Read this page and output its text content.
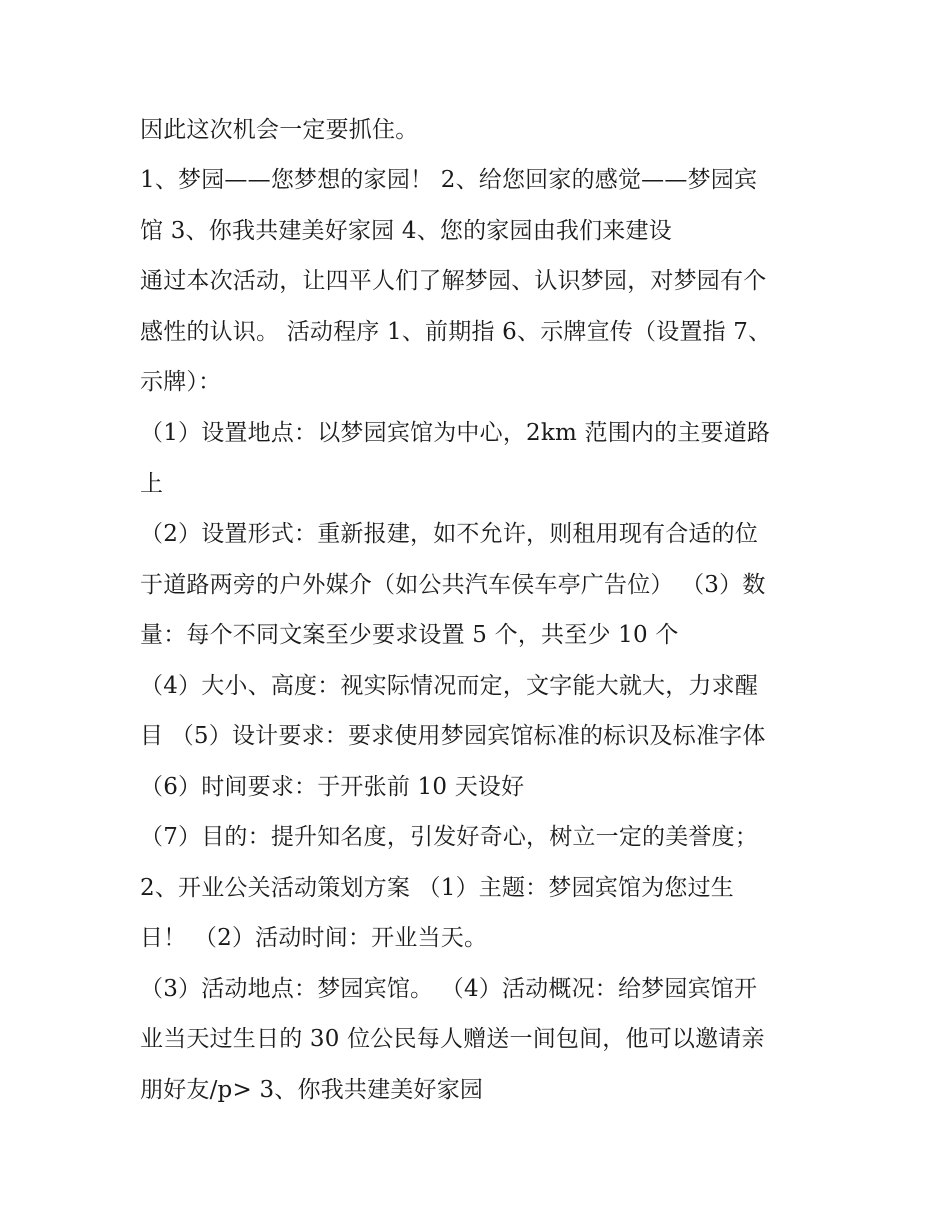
因此这次机会一定要抓住。
1、梦园——您梦想的家园！ 2、给您回家的感觉——梦园宾
馆 3、你我共建美好家园 4、您的家园由我们来建设
通过本次活动，让四平人们了解梦园、认识梦园，对梦园有个
感性的认识。 活动程序 1、前期指 6、示牌宣传（设置指 7、
示牌）：
（1）设置地点：以梦园宾馆为中心，2km 范围内的主要道路
上
（2）设置形式：重新报建，如不允许，则租用现有合适的位
于道路两旁的户外媒介（如公共汽车侯车亭广告位） （3）数
量：每个不同文案至少要求设置 5 个，共至少 10 个
（4）大小、高度：视实际情况而定，文字能大就大，力求醒
目 （5）设计要求：要求使用梦园宾馆标准的标识及标准字体
（6）时间要求：于开张前 10 天设好
（7）目的：提升知名度，引发好奇心，树立一定的美誉度；
2、开业公关活动策划方案 （1）主题：梦园宾馆为您过生
日！ （2）活动时间：开业当天。
（3）活动地点：梦园宾馆。 （4）活动概况：给梦园宾馆开
业当天过生日的 30 位公民每人赠送一间包间，他可以邀请亲
朋好友/p> 3、你我共建美好家园
